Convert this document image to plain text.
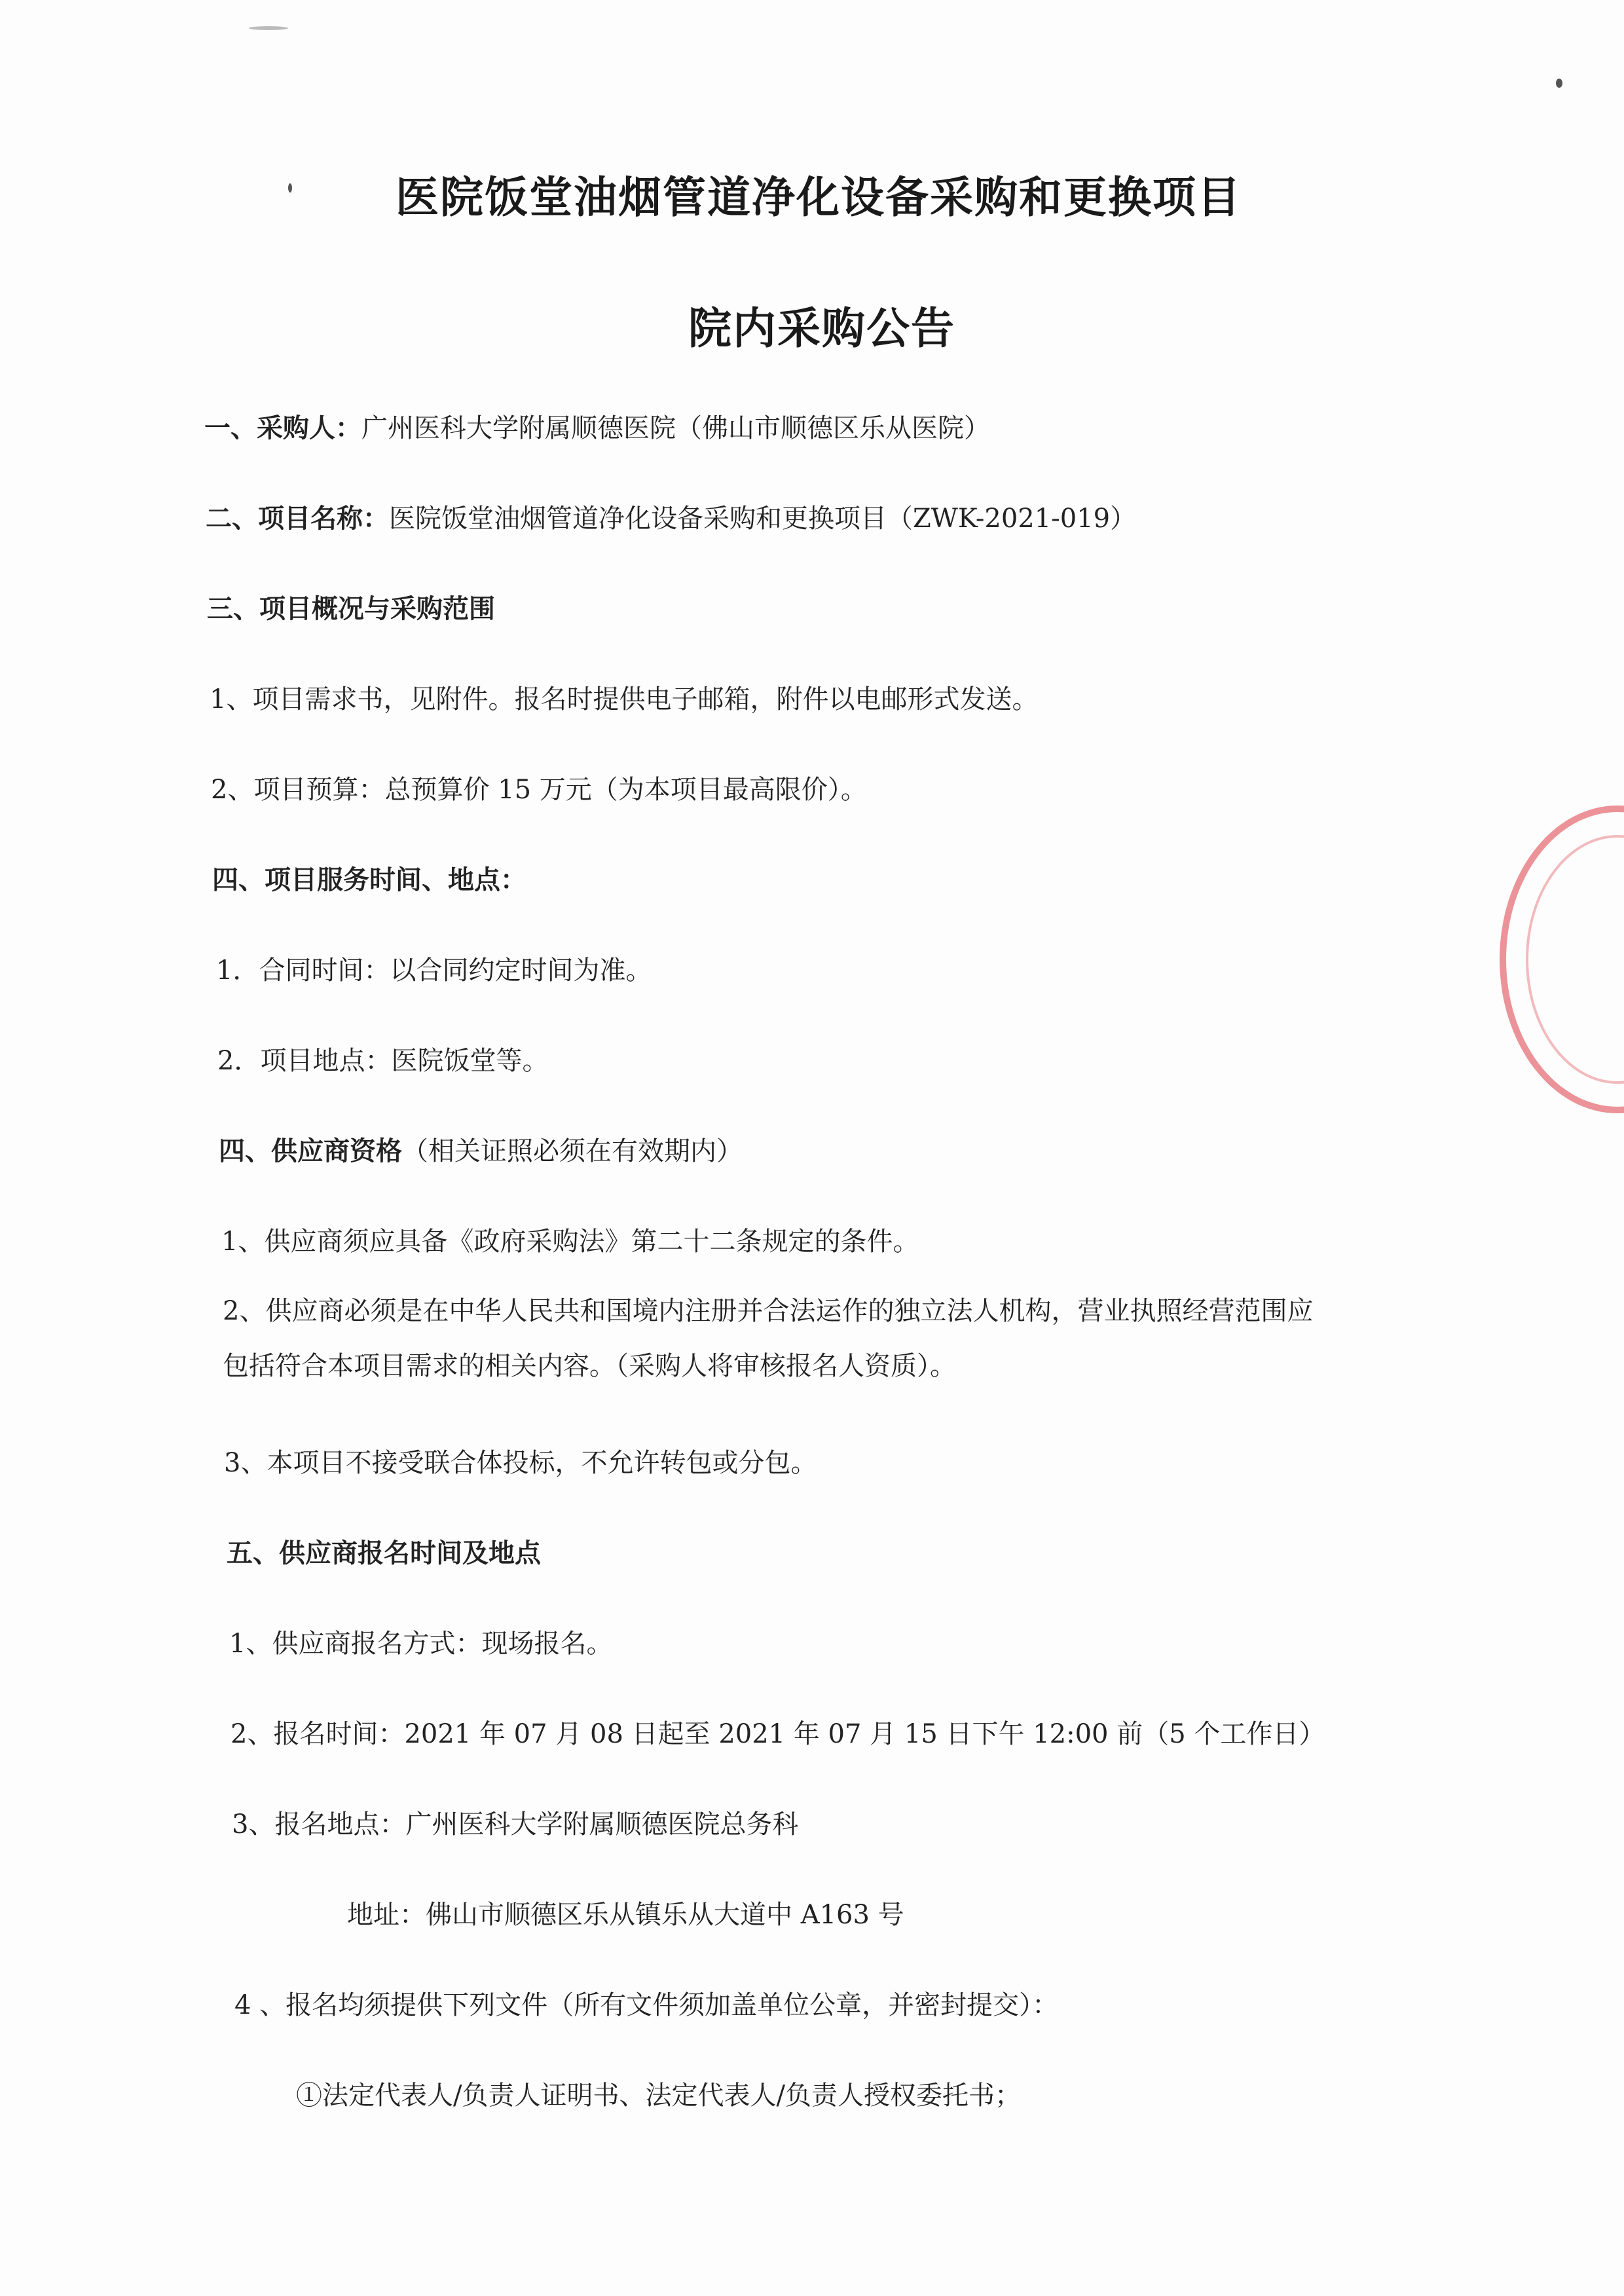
医院饭堂油烟管道净化设备采购和更换项目
院内采购公告
一、采购人：广州医科大学附属顺德医院（佛山市顺德区乐从医院）
二、项目名称：医院饭堂油烟管道净化设备采购和更换项目（ZWK-2021-019）
三、项目概况与采购范围
1、项目需求书，见附件。报名时提供电子邮箱，附件以电邮形式发送。
2、项目预算：总预算价 15 万元（为本项目最高限价）。
四、项目服务时间、地点：
1．合同时间：以合同约定时间为准。
2．项目地点：医院饭堂等。
四、供应商资格（相关证照必须在有效期内）
1、供应商须应具备《政府采购法》第二十二条规定的条件。
2、供应商必须是在中华人民共和国境内注册并合法运作的独立法人机构，营业执照经营范围应
包括符合本项目需求的相关内容。（采购人将审核报名人资质）。
3、本项目不接受联合体投标，不允许转包或分包。
五、供应商报名时间及地点
1、供应商报名方式：现场报名。
2、报名时间：2021 年 07 月 08 日起至 2021 年 07 月 15 日下午 12:00 前（5 个工作日）
3、报名地点：广州医科大学附属顺德医院总务科
地址：佛山市顺德区乐从镇乐从大道中 A163 号
4 、报名均须提供下列文件（所有文件须加盖单位公章，并密封提交）：
①法定代表人/负责人证明书、法定代表人/负责人授权委托书；
